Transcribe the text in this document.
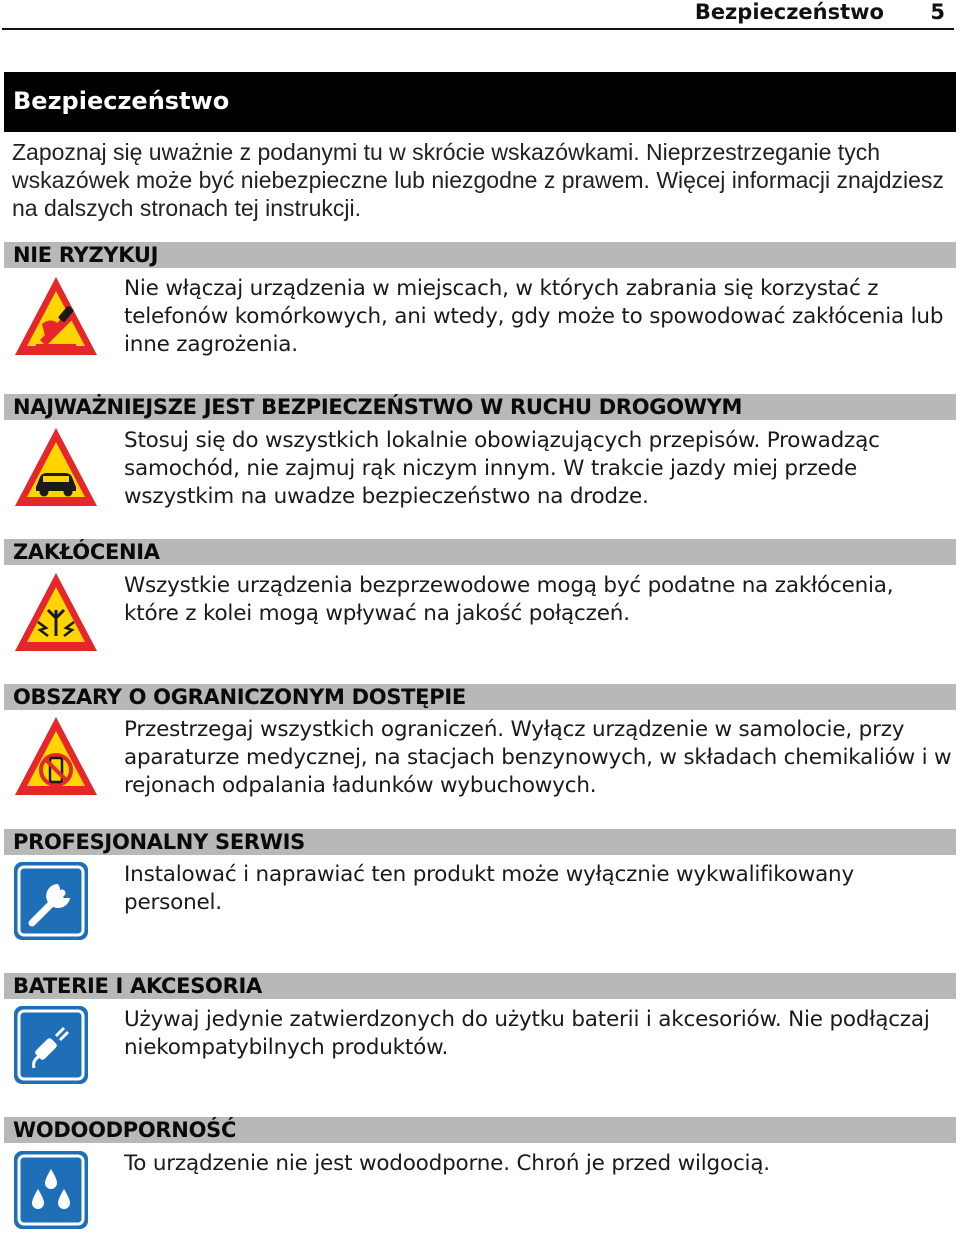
Bezpieczeństwo 5
Bezpieczeństwo

Zapoznaj się uważnie z podanymi tu w skrócie wskazówkami. Nieprzestrzeganie tych wskazówek może być niebezpieczne lub niezgodne z prawem. Więcej informacji znajdziesz na dalszych stronach tej instrukcji.

NIE RYZYKUJ

Nie włączaj urządzenia w miejscach, w których zabrania się korzystać z telefonów komórkowych, ani wtedy, gdy może to spowodować zakłócenia lub inne zagrożenia.

NAJWAŻNIEJSZE JEST BEZPIECZEŃSTWO W RUCHU DROGOWYM

Stosuj się do wszystkich lokalnie obowiązujących przepisów. Prowadząc samochód, nie zajmuj rąk niczym innym. W trakcie jazdy miej przede wszystkim na uwadze bezpieczeństwo na drodze.

ZAKŁÓCENIA

Wszystkie urządzenia bezprzewodowe mogą być podatne na zakłócenia, które z kolei mogą wpływać na jakość połączeń.

OBSZARY O OGRANICZONYM DOSTĘPIE

Przestrzegaj wszystkich ograniczeń. Wyłącz urządzenie w samolocie, przy aparaturze medycznej, na stacjach benzynowych, w składach chemikaliów i w rejonach odpalania ładunków wybuchowych.

PROFESJONALNY SERWIS

Instalować i naprawiać ten produkt może wyłącznie wykwalifikowany personel.

BATERIE I AKCESORIA

Używaj jedynie zatwierdzonych do użytku baterii i akcesoriów. Nie podłączaj niekompatybilnych produktów.

WODOODPORNOŚĆ

To urządzenie nie jest wodoodporne. Chroń je przed wilgocią.
